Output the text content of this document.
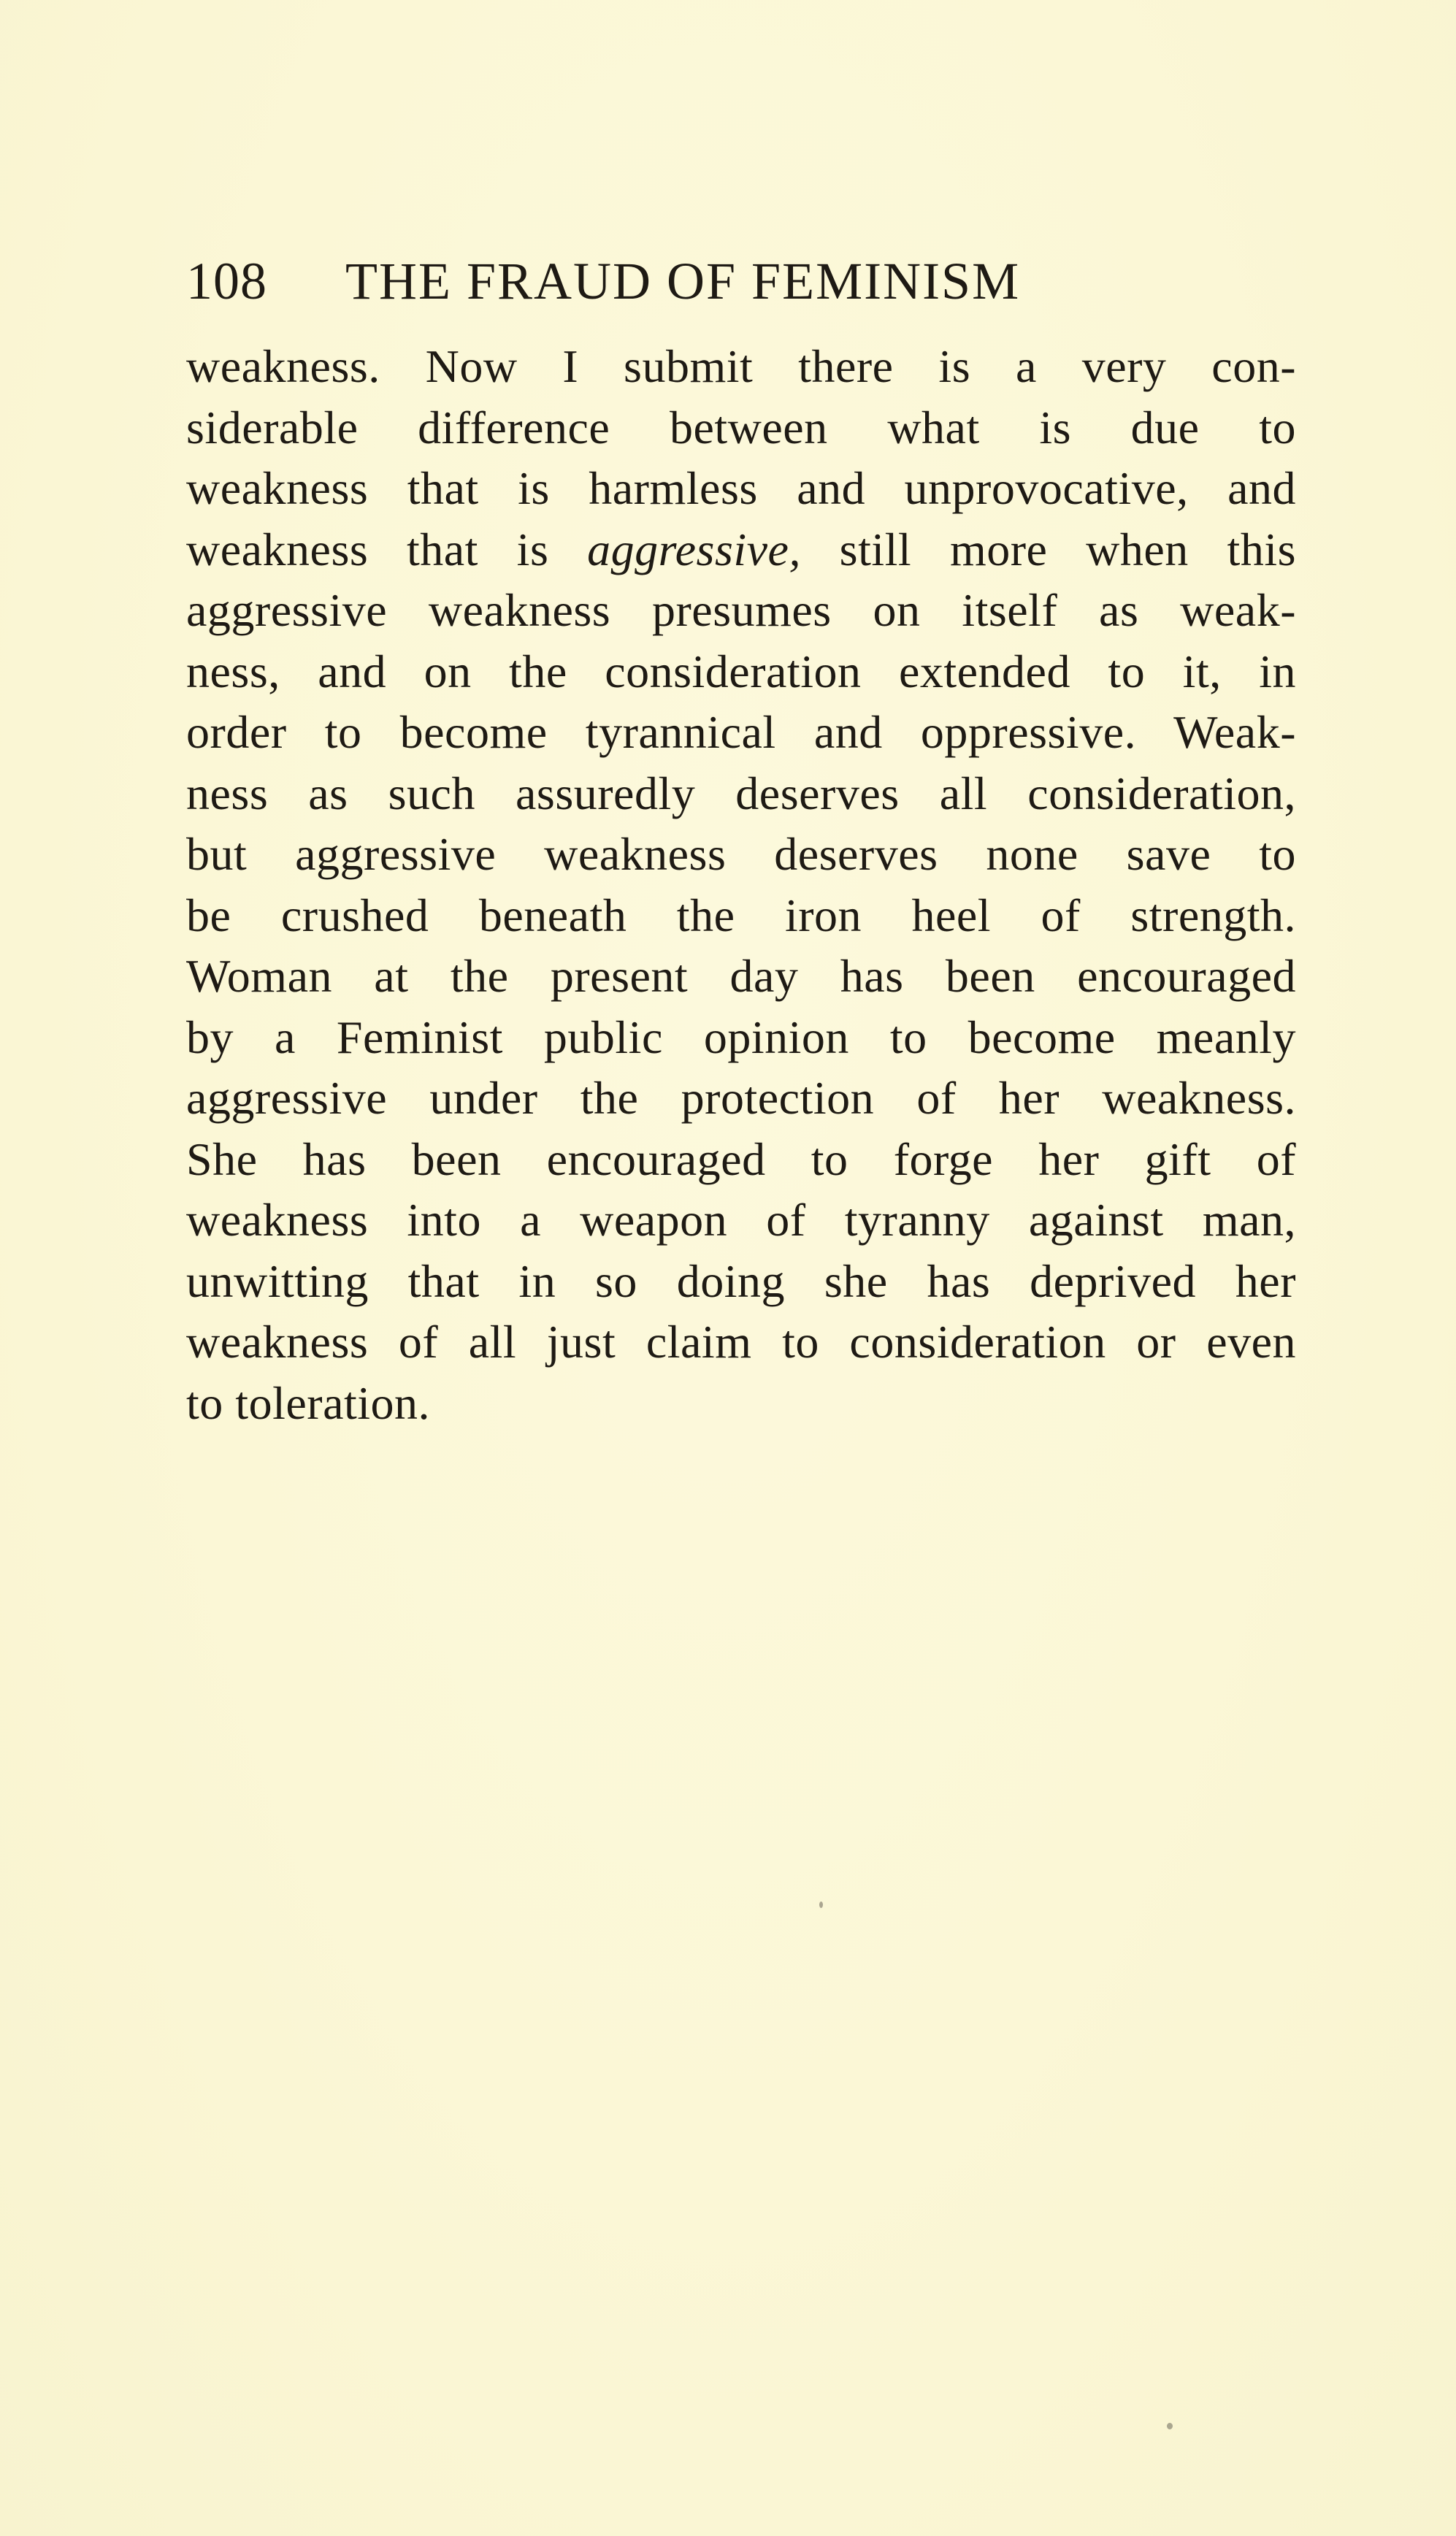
108 THE FRAUD OF FEMINISM
weakness. Now I submit there is a very con-
siderable difference between what is due to
weakness that is harmless and unprovocative, and
weakness that is aggressive, still more when this
aggressive weakness presumes on itself as weak-
ness, and on the consideration extended to it, in
order to become tyrannical and oppressive. Weak-
ness as such assuredly deserves all consideration,
but aggressive weakness deserves none save to
be crushed beneath the iron heel of strength.
Woman at the present day has been encouraged
by a Feminist public opinion to become meanly
aggressive under the protection of her weakness.
She has been encouraged to forge her gift of
weakness into a weapon of tyranny against man,
unwitting that in so doing she has deprived her
weakness of all just claim to consideration or even
to toleration.
